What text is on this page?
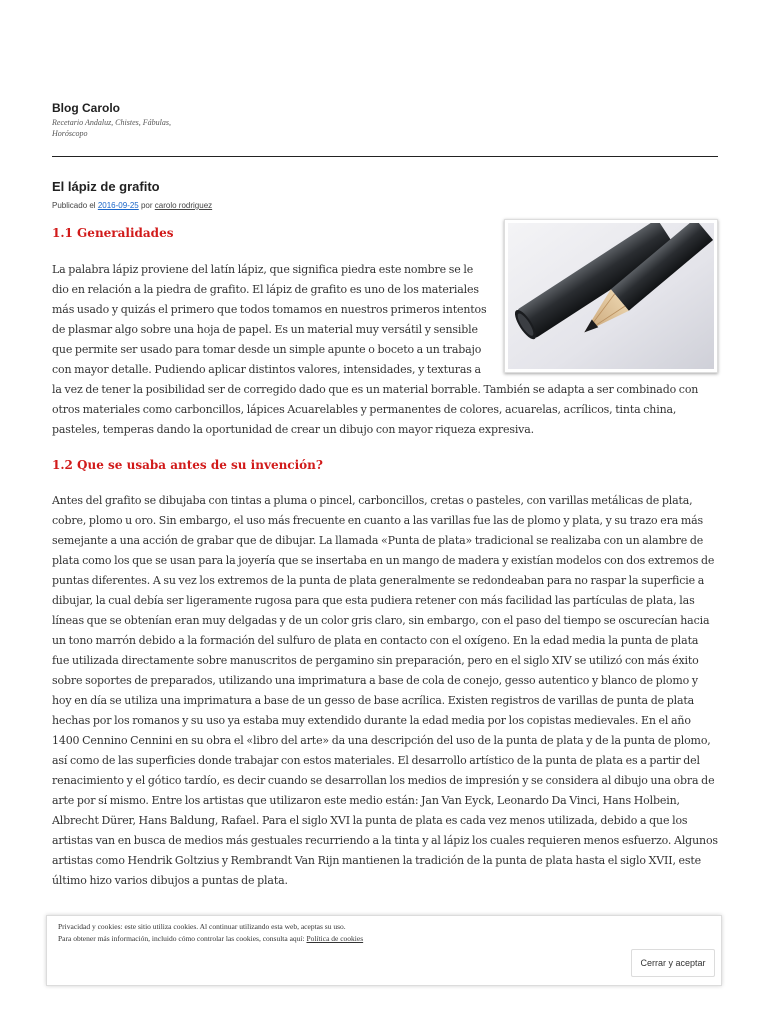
Blog Carolo
Recetario Andaluz, Chistes, Fábulas, Horóscopo
El lápiz de grafito
Publicado el 2016-09-25 por carolo rodriguez
1.1 Generalidades

La palabra lápiz proviene del latín lápiz, que significa piedra este nombre se le dio en relación a la piedra de grafito. El lápiz de grafito es uno de los materiales más usado y quizás el primero que todos tomamos en nuestros primeros intentos de plasmar algo sobre una hoja de papel. Es un material muy versátil y sensible que permite ser usado para tomar desde un simple apunte o boceto a un trabajo con mayor detalle. Pudiendo aplicar distintos valores, intensidades, y texturas a la vez de tener la posibilidad ser de corregido dado que es un material borrable. También se adapta a ser combinado con otros materiales como carboncillos, lápices Acuarelables y permanentes de colores, acuarelas, acrílicos, tinta china, pasteles, temperas dando la oportunidad de crear un dibujo con mayor riqueza expresiva.

1.2 Que se usaba antes de su invención?

Antes del grafito se dibujaba con tintas a pluma o pincel, carboncillos, cretas o pasteles, con varillas metálicas de plata, cobre, plomo u oro. Sin embargo, el uso más frecuente en cuanto a las varillas fue las de plomo y plata, y su trazo era más semejante a una acción de grabar que de dibujar. La llamada «Punta de plata» tradicional se realizaba con un alambre de plata como los que se usan para la joyería que se insertaba en un mango de madera y existían modelos con dos extremos de puntas diferentes. A su vez los extremos de la punta de plata generalmente se redondeaban para no raspar la superficie a dibujar, la cual debía ser ligeramente rugosa para que esta pudiera retener con más facilidad las partículas de plata, las líneas que se obtenían eran muy delgadas y de un color gris claro, sin embargo, con el paso del tiempo se oscurecían hacia un tono marrón debido a la formación del sulfuro de plata en contacto con el oxígeno. En la edad media la punta de plata fue utilizada directamente sobre manuscritos de pergamino sin preparación, pero en el siglo XIV se utilizó con más éxito sobre soportes de preparados, utilizando una imprimatura a base de cola de conejo, gesso autentico y blanco de plomo y hoy en día se utiliza una imprimatura a base de un gesso de base acrílica. Existen registros de varillas de punta de plata hechas por los romanos y su uso ya estaba muy extendido durante la edad media por los copistas medievales. En el año 1400 Cennino Cennini en su obra el «libro del arte» da una descripción del uso de la punta de plata y de la punta de plomo, así como de las superficies donde trabajar con estos materiales. El desarrollo artístico de la punta de plata es a partir del renacimiento y el gótico tardío, es decir cuando se desarrollan los medios de impresión y se considera al dibujo una obra de arte por sí mismo. Entre los artistas que utilizaron este medio están: Jan Van Eyck, Leonardo Da Vinci, Hans Holbein, Albrecht Dürer, Hans Baldung, Rafael. Para el siglo XVI la punta de plata es cada vez menos utilizada, debido a que los artistas van en busca de medios más gestuales recurriendo a la tinta y al lápiz los cuales requieren menos esfuerzo. Algunos artistas como Hendrik Goltzius y Rembrandt Van Rijn mantienen la tradición de la punta de plata hasta el siglo XVII, este último hizo varios dibujos a puntas de plata.

Privacidad y cookies: este sitio utiliza cookies. Al continuar utilizando esta web, aceptas su uso.
Para obtener más información, incluido cómo controlar las cookies, consulta aquí: Política de cookies
Cerrar y aceptar
